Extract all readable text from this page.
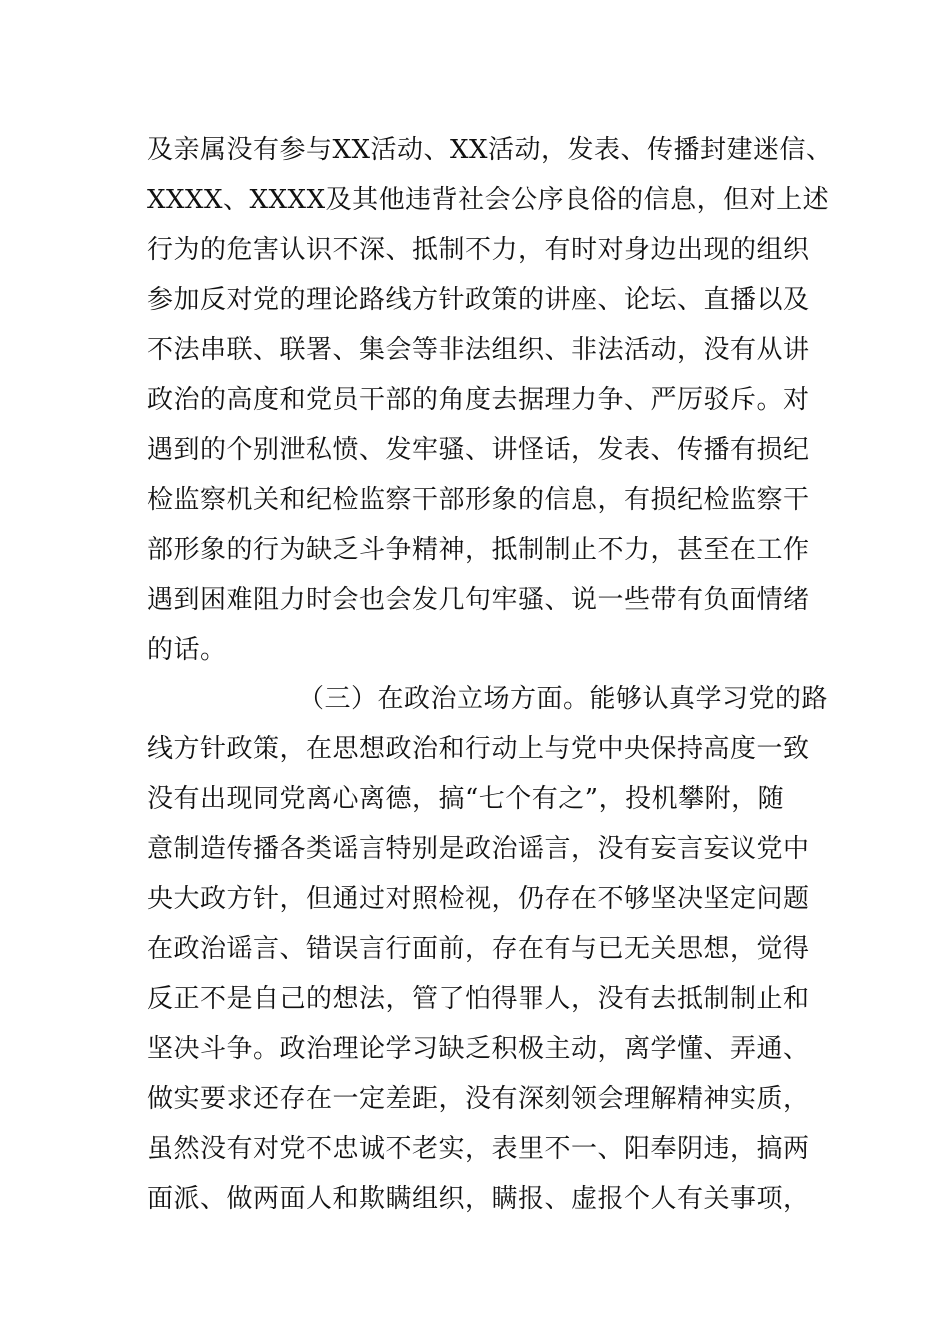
及亲属没有参与XX活动、XX活动，发表、传播封建迷信、
XXXX、XXXX及其他违背社会公序良俗的信息，但对上述
行为的危害认识不深、抵制不力，有时对身边出现的组织
参加反对党的理论路线方针政策的讲座、论坛、直播以及
不法串联、联署、集会等非法组织、非法活动，没有从讲
政治的高度和党员干部的角度去据理力争、严厉驳斥。对
遇到的个别泄私愤、发牢骚、讲怪话，发表、传播有损纪
检监察机关和纪检监察干部形象的信息，有损纪检监察干
部形象的行为缺乏斗争精神，抵制制止不力，甚至在工作
遇到困难阻力时会也会发几句牢骚、说一些带有负面情绪
的话。
（三）在政治立场方面。能够认真学习党的路
线方针政策，在思想政治和行动上与党中央保持高度一致
没有出现同党离心离德，搞“七个有之”，投机攀附，随
意制造传播各类谣言特别是政治谣言，没有妄言妄议党中
央大政方针，但通过对照检视，仍存在不够坚决坚定问题
在政治谣言、错误言行面前，存在有与已无关思想，觉得
反正不是自己的想法，管了怕得罪人，没有去抵制制止和
坚决斗争。政治理论学习缺乏积极主动，离学懂、弄通、
做实要求还存在一定差距，没有深刻领会理解精神实质，
虽然没有对党不忠诚不老实，表里不一、阳奉阴违，搞两
面派、做两面人和欺瞒组织，瞒报、虚报个人有关事项，
